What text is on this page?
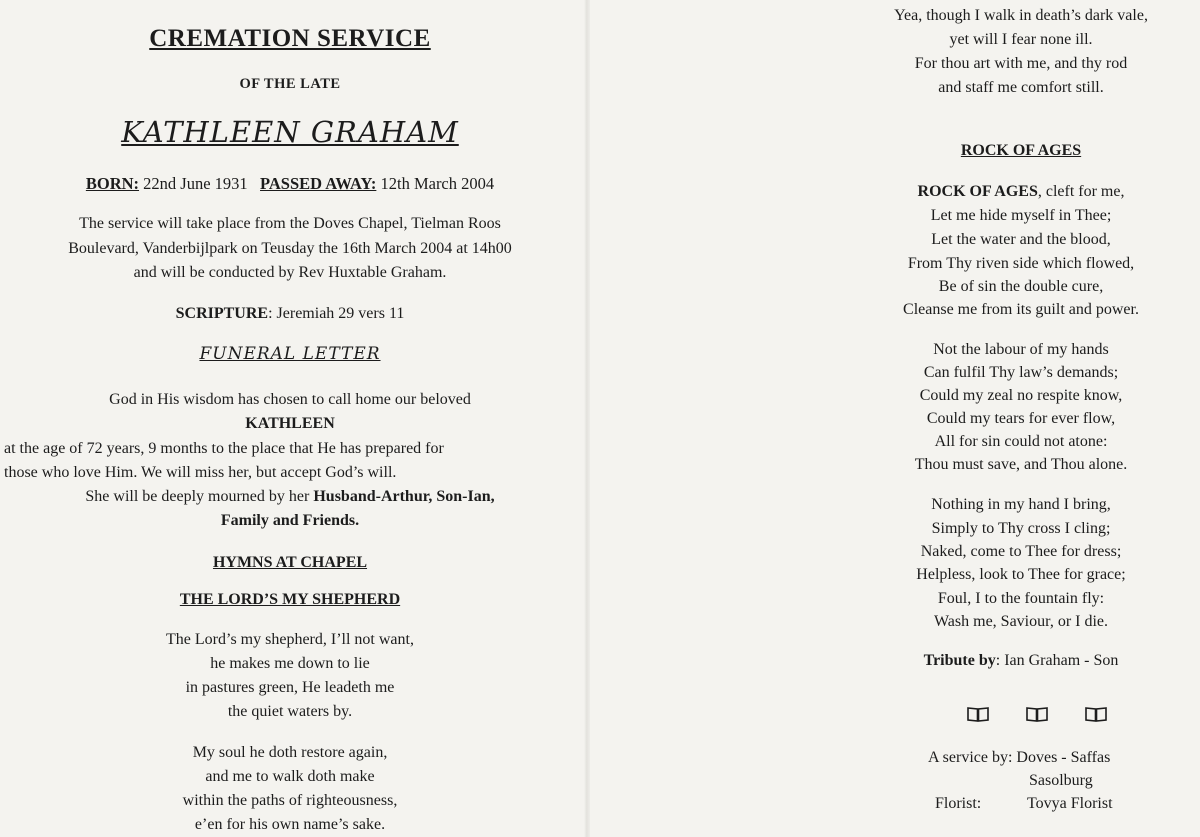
CREMATION SERVICE
OF THE LATE
KATHLEEN GRAHAM
BORN: 22nd June 1931 PASSED AWAY: 12th March 2004
The service will take place from the Doves Chapel, Tielman Roos
Boulevard, Vanderbijlpark on Teusday the 16th March 2004 at 14h00
and will be conducted by Rev Huxtable Graham.
SCRIPTURE: Jeremiah 29 vers 11
FUNERAL LETTER
God in His wisdom has chosen to call home our beloved
KATHLEEN
at the age of 72 years, 9 months to the place that He has prepared for
those who love Him. We will miss her, but accept God’s will.
She will be deeply mourned by her Husband-Arthur, Son-Ian,
Family and Friends.
HYMNS AT CHAPEL
THE LORD’S MY SHEPHERD
The Lord’s my shepherd, I’ll not want,
he makes me down to lie
in pastures green, He leadeth me
the quiet waters by.
My soul he doth restore again,
and me to walk doth make
within the paths of righteousness,
e’en for his own name’s sake.
Yea, though I walk in death’s dark vale,
yet will I fear none ill.
For thou art with me, and thy rod
and staff me comfort still.
ROCK OF AGES
ROCK OF AGES, cleft for me,
Let me hide myself in Thee;
Let the water and the blood,
From Thy riven side which flowed,
Be of sin the double cure,
Cleanse me from its guilt and power.
Not the labour of my hands
Can fulfil Thy law’s demands;
Could my zeal no respite know,
Could my tears for ever flow,
All for sin could not atone:
Thou must save, and Thou alone.
Nothing in my hand I bring,
Simply to Thy cross I cling;
Naked, come to Thee for dress;
Helpless, look to Thee for grace;
Foul, I to the fountain fly:
Wash me, Saviour, or I die.
Tribute by: Ian Graham - Son
A service by: Doves - Saffas
Sasolburg
Florist:	Tovya Florist
